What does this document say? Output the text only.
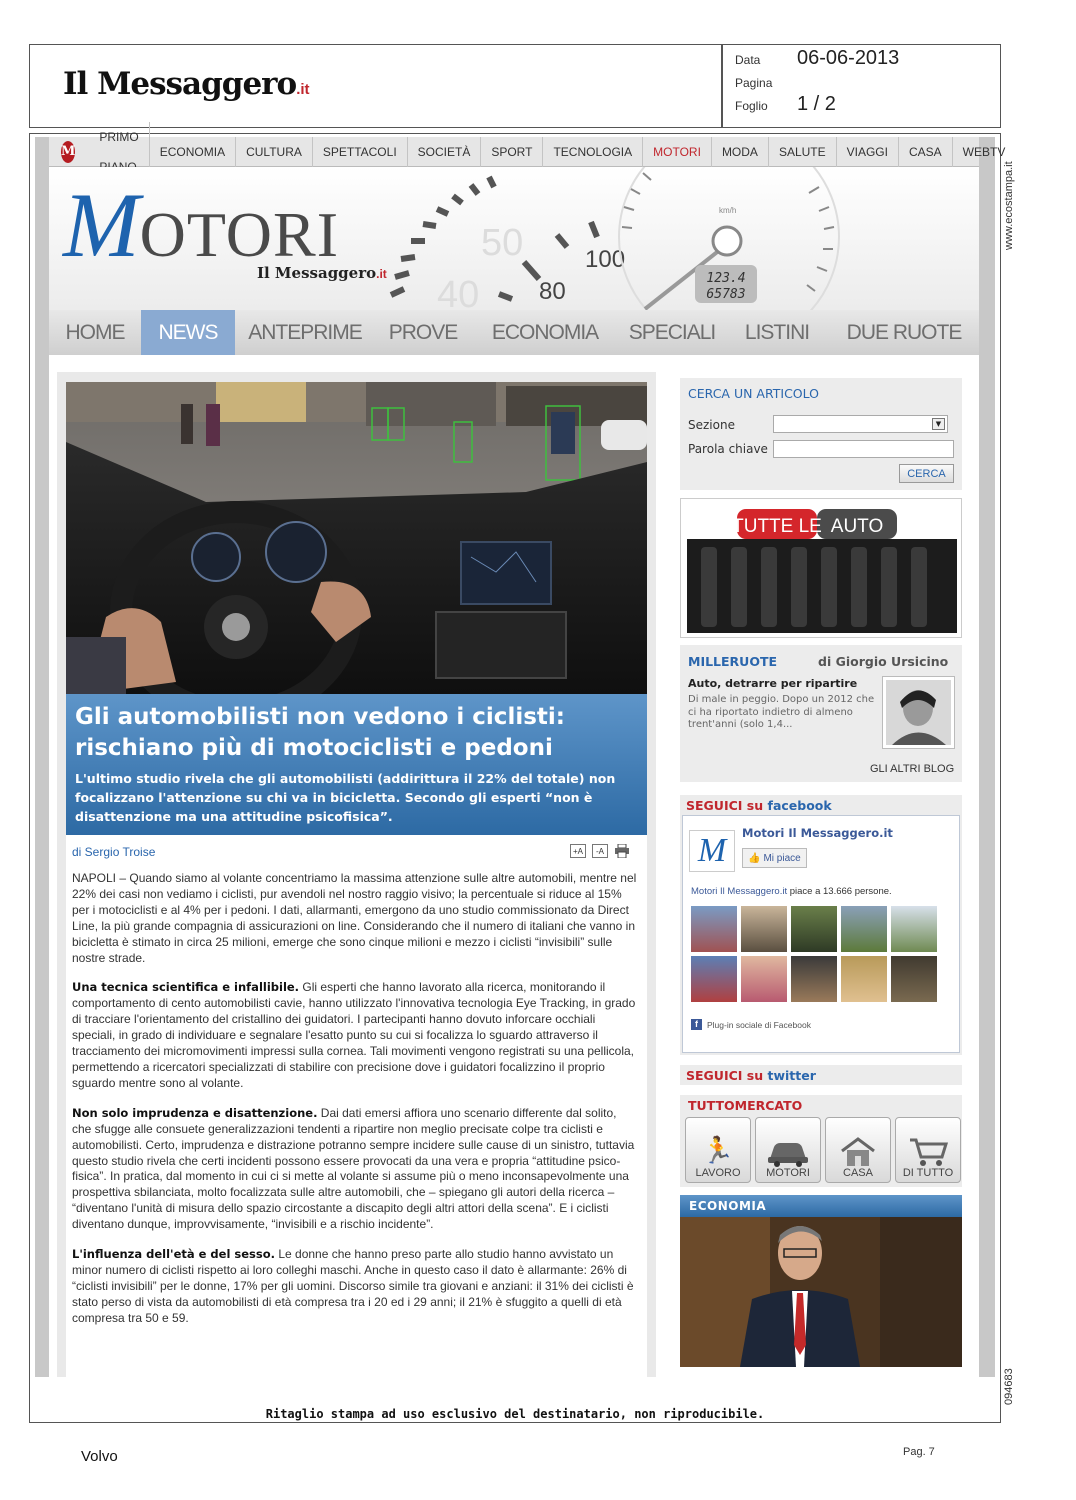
Il Messaggero.it
Data 06-06-2013
Pagina
Foglio 1 / 2
M
PRIMO
ECONOMIA	CULTURA	SPETTACOLI	SOCIETÀ	SPORT	TECNOLOGIA	MOTORI	MODA	SALUTE	VIAGGI	CASA	WEBTV
40
50
80
100
123.4
65783
km/h
MOTORI
Il Messaggero.it
HOME	NEWS	ANTEPRIME	PROVE	ECONOMIA	SPECIALI	LISTINI	DUE RUOTE
Gli automobilisti non vedono i ciclisti:
rischiano più di motociclisti e pedoni
L'ultimo studio rivela che gli automobilisti (addirittura il 22% del totale) non focalizzano l'attenzione su chi va in bicicletta. Secondo gli esperti “non è disattenzione ma una attitudine psicofisica”.
di Sergio Troise	+A	-A

NAPOLI – Quando siamo al volante concentriamo la massima attenzione sulle altre automobili, mentre nel 22% dei casi non vediamo i ciclisti, pur avendoli nel nostro raggio visivo; la percentuale si riduce al 15% per i motociclisti e al 4% per i pedoni. I dati, allarmanti, emergono da uno studio commissionato da Direct Line, la più grande compagnia di assicurazioni on line. Considerando che il numero di italiani che vanno in bicicletta è stimato in circa 25 milioni, emerge che sono cinque milioni e mezzo i ciclisti “invisibili” sulle nostre strade.

Una tecnica scientifica e infallibile. Gli esperti che hanno lavorato alla ricerca, monitorando il comportamento di cento automobilisti cavie, hanno utilizzato l'innovativa tecnologia Eye Tracking, in grado di tracciare l'orientamento del cristallino dei guidatori. I partecipanti hanno dovuto inforcare occhiali speciali, in grado di individuare e segnalare l'esatto punto su cui si focalizza lo sguardo attraverso il tracciamento dei micromovimenti impressi sulla cornea. Tali movimenti vengono registrati su una pellicola, permettendo a ricercatori specializzati di stabilire con precisione dove i guidatori focalizzino il proprio sguardo mentre sono al volante.

Non solo imprudenza e disattenzione. Dai dati emersi affiora uno scenario differente dal solito, che sfugge alle consuete generalizzazioni tendenti a ripartire non meglio precisate colpe tra ciclisti e automobilisti. Certo, imprudenza e distrazione potranno sempre incidere sulle cause di un sinistro, tuttavia questo studio rivela che certi incidenti possono essere provocati da una vera e propria “attitudine psico-fisica”. In pratica, dal momento in cui ci si mette al volante si assume più o meno inconsapevolmente una prospettiva sbilanciata, molto focalizzata sulle altre automobili, che – spiegano gli autori della ricerca – “diventano l'unità di misura dello spazio circostante a discapito degli altri attori della scena”. E i ciclisti diventano dunque, improvvisamente, “invisibili e a rischio incidente”.

L'influenza dell'età e del sesso. Le donne che hanno preso parte allo studio hanno avvistato un minor numero di ciclisti rispetto ai loro colleghi maschi. Anche in questo caso il dato è allarmante: 26% di “ciclisti invisibili” per le donne, 17% per gli uomini. Discorso simile tra giovani e anziani: il 31% dei ciclisti è stato perso di vista da automobilisti di età compresa tra i 20 ed i 29 anni; il 21% è sfuggito a quelli di età compresa tra 50 e 59.

CERCA UN ARTICOLO
Sezione	▼
Parola chiave
CERCA
TUTTE LE AUTO
MILLERUOTE	di Giorgio Ursicino
Auto, detrarre per ripartire
Di male in peggio. Dopo un 2012 che ci ha riportato indietro di almeno trent'anni (solo 1,4...
GLI ALTRI BLOG
SEGUICI su facebook
M	Motori Il Messaggero.it
👍 Mi piace
Motori Il Messaggero.it piace a 13.666 persone.
f	Plug-in sociale di Facebook
SEGUICI su twitter
TUTTOMERCATO
🏃
LAVORO MOTORI	CASA	DI TUTTO
ECONOMIA
www.ecostampa.it
094683
Ritaglio stampa ad uso esclusivo del destinatario, non riproducibile.
Volvo	Pag. 7
